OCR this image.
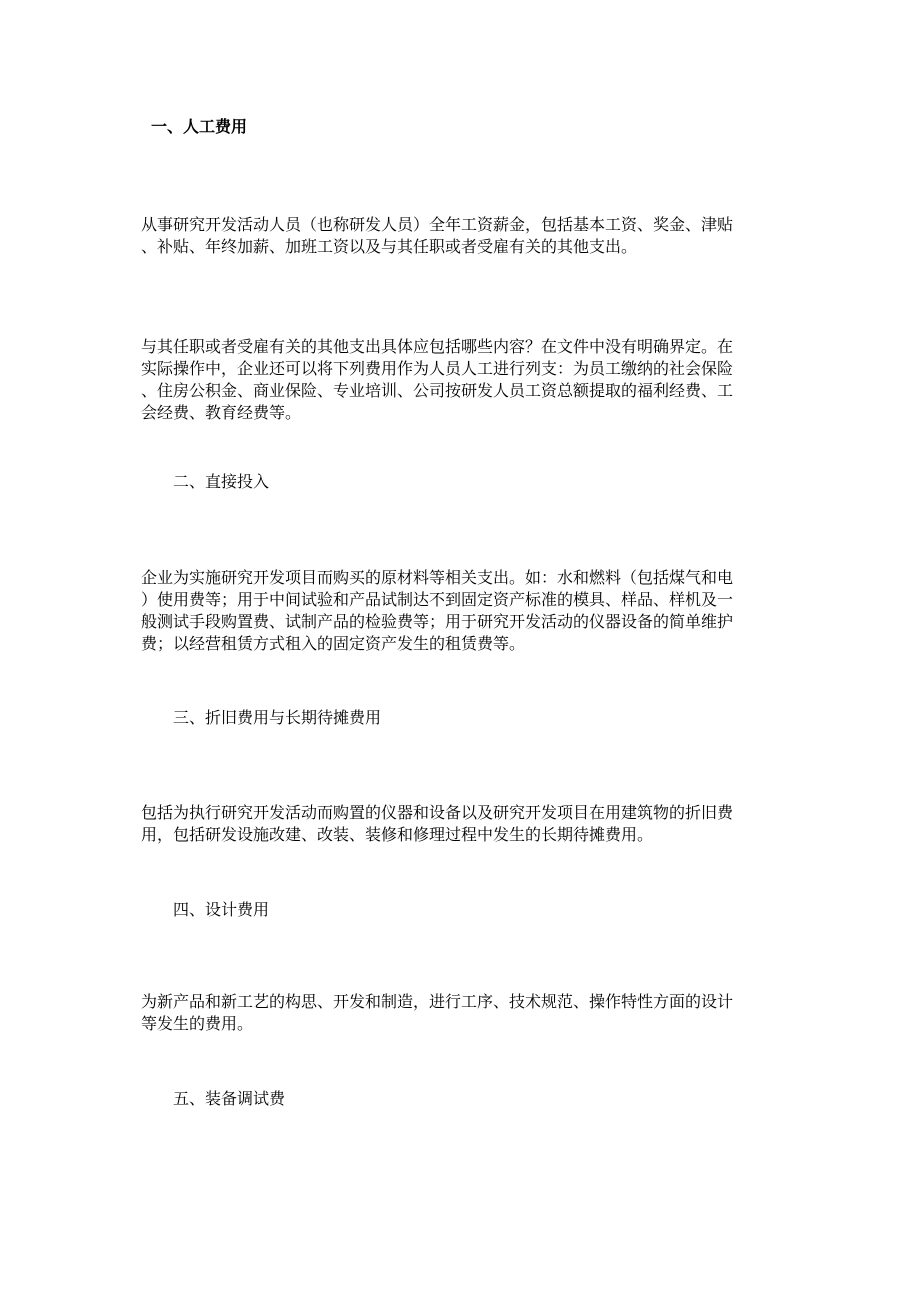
一、人工费用
从事研究开发活动人员（也称研发人员）全年工资薪金，包括基本工资、奖金、津贴
、补贴、年终加薪、加班工资以及与其任职或者受雇有关的其他支出。
与其任职或者受雇有关的其他支出具体应包括哪些内容？在文件中没有明确界定。在
实际操作中，企业还可以将下列费用作为人员人工进行列支：为员工缴纳的社会保险
、住房公积金、商业保险、专业培训、公司按研发人员工资总额提取的福利经费、工
会经费、教育经费等。
二、直接投入
企业为实施研究开发项目而购买的原材料等相关支出。如：水和燃料（包括煤气和电
）使用费等；用于中间试验和产品试制达不到固定资产标准的模具、样品、样机及一
般测试手段购置费、试制产品的检验费等；用于研究开发活动的仪器设备的简单维护
费；以经营租赁方式租入的固定资产发生的租赁费等。
三、折旧费用与长期待摊费用
包括为执行研究开发活动而购置的仪器和设备以及研究开发项目在用建筑物的折旧费
用，包括研发设施改建、改装、装修和修理过程中发生的长期待摊费用。
四、设计费用
为新产品和新工艺的构思、开发和制造，进行工序、技术规范、操作特性方面的设计
等发生的费用。
五、装备调试费
